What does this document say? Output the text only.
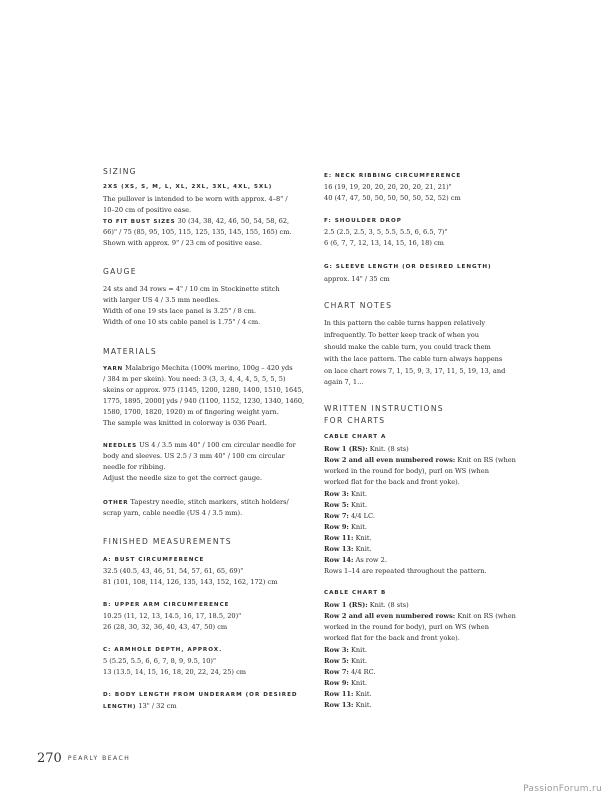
SIZING
2XS (XS, S, M, L, XL, 2XL, 3XL, 4XL, 5XL)
The pullover is intended to be worn with approx. 4–8" /
10–20 cm of positive ease.
TO FIT BUST SIZES 30 (34, 38, 42, 46, 50, 54, 58, 62,
66)" / 75 (85, 95, 105, 115, 125, 135, 145, 155, 165) cm.
Shown with approx. 9" / 23 cm of positive ease.
GAUGE
24 sts and 34 rows = 4" / 10 cm in Stockinette stitch
with larger US 4 / 3.5 mm needles.
Width of one 19 sts lace panel is 3.25" / 8 cm.
Width of one 10 sts cable panel is 1.75" / 4 cm.
MATERIALS
YARN Malabrigo Mechita (100% merino, 100g – 420 yds
/ 384 m per skein). You need: 3 (3, 3, 4, 4, 4, 5, 5, 5, 5)
skeins or approx. 975 (1145, 1200, 1280, 1400, 1510, 1645,
1775, 1895, 2000] yds / 940 (1100, 1152, 1230, 1340, 1460,
1580, 1700, 1820, 1920) m of fingering weight yarn.
The sample was knitted in colorway is 036 Pearl.
NEEDLES US 4 / 3.5 mm 40" / 100 cm circular needle for
body and sleeves. US 2.5 / 3 mm 40" / 100 cm circular
needle for ribbing.
Adjust the needle size to get the correct gauge.
OTHER Tapestry needle, stitch markers, stitch holders/
scrap yarn, cable needle (US 4 / 3.5 mm).
FINISHED MEASUREMENTS
A: BUST CIRCUMFERENCE
32.5 (40.5, 43, 46, 51, 54, 57, 61, 65, 69)"
81 (101, 108, 114, 126, 135, 143, 152, 162, 172) cm
B: UPPER ARM CIRCUMFERENCE
10.25 (11, 12, 13, 14.5, 16, 17, 18.5, 20)"
26 (28, 30, 32, 36, 40, 43, 47, 50) cm
C: ARMHOLE DEPTH, APPROX.
5 (5.25, 5.5, 6, 6, 7, 8, 9, 9.5, 10)"
13 (13.5, 14, 15, 16, 18, 20, 22, 24, 25) cm
D: BODY LENGTH FROM UNDERARM (OR DESIRED
LENGTH) 13" / 32 cm
E: NECK RIBBING CIRCUMFERENCE
16 (19, 19, 20, 20, 20, 20, 20, 21, 21)"
40 (47, 47, 50, 50, 50, 50, 50, 52, 52) cm
F: SHOULDER DROP
2.5 (2.5, 2.5, 3, 5, 5.5, 5.5, 6, 6.5, 7)"
6 (6, 7, 7, 12, 13, 14, 15, 16, 18) cm
G: SLEEVE LENGTH (OR DESIRED LENGTH)
approx. 14" / 35 cm
CHART NOTES
In this pattern the cable turns happen relatively
infrequently. To better keep track of when you
should make the cable turn, you could track them
with the lace pattern. The cable turn always happens
on lace chart rows 7, 1, 15, 9, 3, 17, 11, 5, 19, 13, and
again 7, 1…
WRITTEN INSTRUCTIONS
FOR CHARTS
CABLE CHART A
Row 1 (RS): Knit. (8 sts)
Row 2 and all even numbered rows: Knit on RS (when
worked in the round for body), purl on WS (when
worked flat for the back and front yoke).
Row 3: Knit.
Row 5: Knit.
Row 7: 4/4 LC.
Row 9: Knit.
Row 11: Knit.
Row 13: Knit.
Row 14: As row 2.
Rows 1–14 are repeated throughout the pattern.
CABLE CHART B
Row 1 (RS): Knit. (8 sts)
Row 2 and all even numbered rows: Knit on RS (when
worked in the round for body), purl on WS (when
worked flat for the back and front yoke).
Row 3: Knit.
Row 5: Knit.
Row 7: 4/4 RC.
Row 9: Knit.
Row 11: Knit.
Row 13: Knit.
270 PEARLY BEACH
PassionForum.ru
